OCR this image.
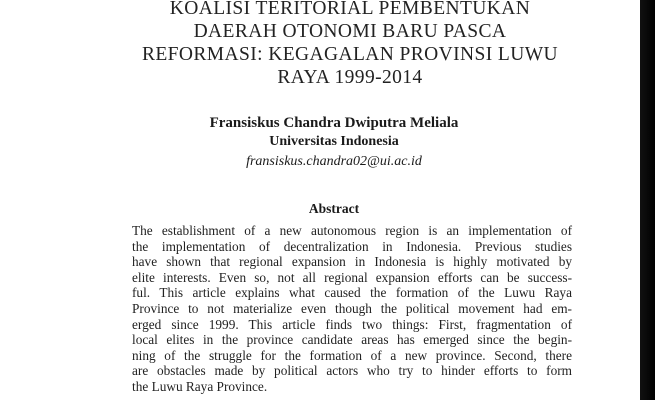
KOALISI TERITORIAL PEMBENTUKAN
DAERAH OTONOMI BARU PASCA
REFORMASI: KEGAGALAN PROVINSI LUWU
RAYA 1999-2014
Fransiskus Chandra Dwiputra Meliala
Universitas Indonesia
fransiskus.chandra02@ui.ac.id
Abstract
The establishment of a new autonomous region is an implementation of
the implementation of decentralization in Indonesia. Previous studies
have shown that regional expansion in Indonesia is highly motivated by
elite interests. Even so, not all regional expansion efforts can be success-
ful. This article explains what caused the formation of the Luwu Raya
Province to not materialize even though the political movement had em-
erged since 1999. This article finds two things: First, fragmentation of
local elites in the province candidate areas has emerged since the begin-
ning of the struggle for the formation of a new province. Second, there
are obstacles made by political actors who try to hinder efforts to form
the Luwu Raya Province.
